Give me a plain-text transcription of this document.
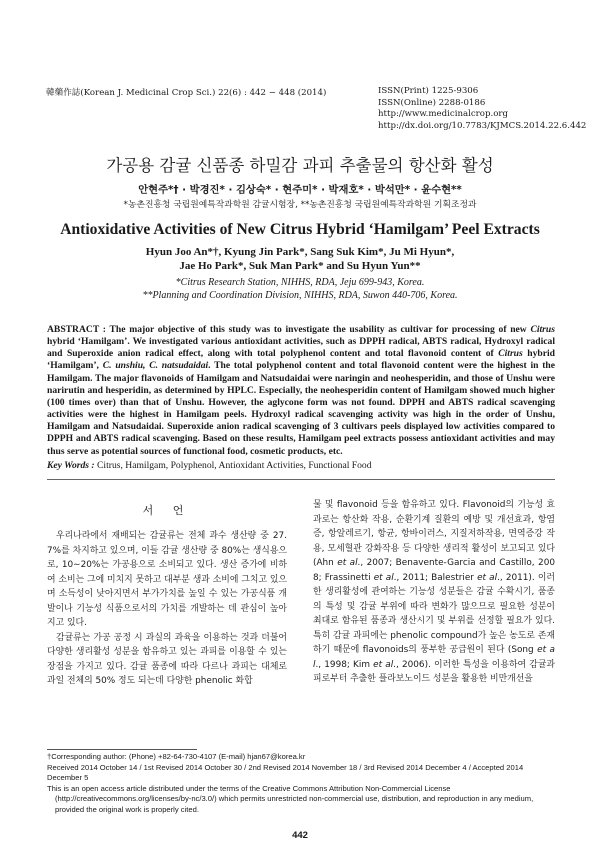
韓藥作誌(Korean J. Medicinal Crop Sci.) 22(6) : 442 − 448 (2014)	ISSN(Print) 1225-9306
ISSN(Online) 2288-0186
http://www.medicinalcrop.org
http://dx.doi.org/10.7783/KJMCS.2014.22.6.442
가공용 감귤 신품종 하밀감 과피 추출물의 항산화 활성
안현주*† · 박경진* · 김상숙* · 현주미* · 박재호* · 박석만* · 윤수현**
*농촌진흥청 국립원예특작과학원 감귤시험장, **농촌진흥청 국립원예특작과학원 기획조정과
Antioxidative Activities of New Citrus Hybrid ‘Hamilgam’ Peel Extracts
Hyun Joo An*†, Kyung Jin Park*, Sang Suk Kim*, Ju Mi Hyun*,
Jae Ho Park*, Suk Man Park* and Su Hyun Yun**
*Citrus Research Station, NIHHS, RDA, Jeju 699-943, Korea.
**Planning and Coordination Division, NIHHS, RDA, Suwon 440-706, Korea.
ABSTRACT : The major objective of this study was to investigate the usability as cultivar for processing of new Citrus hybrid ‘Hamilgam’. We investigated various antioxidant activities, such as DPPH radical, ABTS radical, Hydroxyl radical and Superoxide anion radical effect, along with total polyphenol content and total flavonoid content of Citrus hybrid ‘Hamilgam’, C. unshiu, C. natsudaidai. The total polyphenol content and total flavonoid content were the highest in the Hamilgam. The major flavonoids of Hamilgam and Natsudaidai were naringin and neohesperidin, and those of Unshu were narirutin and hesperidin, as determined by HPLC. Especially, the neohesperidin content of Hamilgam showed much higher (100 times over) than that of Unshu. However, the aglycone form was not found. DPPH and ABTS radical scavenging activities were the highest in Hamilgam peels. Hydroxyl radical scavenging activity was high in the order of Unshu, Hamilgam and Natsudaidai. Superoxide anion radical scavenging of 3 cultivars peels displayed low activities compared to DPPH and ABTS radical scavenging. Based on these results, Hamilgam peel extracts possess antioxidant activities and may thus serve as potential sources of functional food, cosmetic products, etc.
Key Words : Citrus, Hamilgam, Polyphenol, Antioxidant Activities, Functional Food
서 언

우리나라에서 재배되는 감귤류는 전체 과수 생산량 중 27.7%를 차지하고 있으며, 이들 감귤 생산량 중 80%는 생식용으로, 10∼20%는 가공용으로 소비되고 있다. 생산 증가에 비하여 소비는 그에 미치지 못하고 대부분 생과 소비에 그치고 있으며 소득성이 낮아지면서 부가가치를 높일 수 있는 가공식품 개발이나 기능성 식품으로서의 가치를 개발하는 데 관심이 높아지고 있다.

감귤류는 가공 공정 시 과실의 과육을 이용하는 것과 더불어 다양한 생리활성 성분을 함유하고 있는 과피를 이용할 수 있는 장점을 가지고 있다. 감귤 품종에 따라 다르나 과피는 대체로 과일 전체의 50% 정도 되는데 다양한 phenolic 화합

물 및 flavonoid 등을 함유하고 있다. Flavonoid의 기능성 효과로는 항산화 작용, 순환기계 질환의 예방 및 개선효과, 항염증, 항알레르기, 항균, 항바이러스, 지질저하작용, 면역증강 작용, 모세혈관 강화작용 등 다양한 생리적 활성이 보고되고 있다 (Ahn et al., 2007; Benavente-Garcia and Castillo, 2008; Frassinetti et al., 2011; Balestrier et al., 2011). 이러한 생리활성에 관여하는 기능성 성분들은 감귤 수확시기, 품종의 특성 및 감귤 부위에 따라 변화가 많으므로 필요한 성분이 최대로 함유된 품종과 생산시기 및 부위를 선정할 필요가 있다. 특히 감귤 과피에는 phenolic compound가 높은 농도로 존재하기 때문에 flavonoids의 풍부한 공급원이 된다 (Song et al., 1998; Kim et al., 2006). 이러한 특성을 이용하여 감귤과피로부터 추출한 플라보노이드 성분을 활용한 비만개선을

†Corresponding author: (Phone) +82-64-730-4107 (E-mail) hjan67@korea.kr
Received 2014 October 14 / 1st Revised 2014 October 30 / 2nd Revised 2014 November 18 / 3rd Revised 2014 December 4 / Accepted 2014 December 5
This is an open access article distributed under the terms of the Creative Commons Attribution Non-Commercial License (http://creativecommons.org/licenses/by-nc/3.0/) which permits unrestricted non-commercial use, distribution, and reproduction in any medium, provided the original work is properly cited.
442
